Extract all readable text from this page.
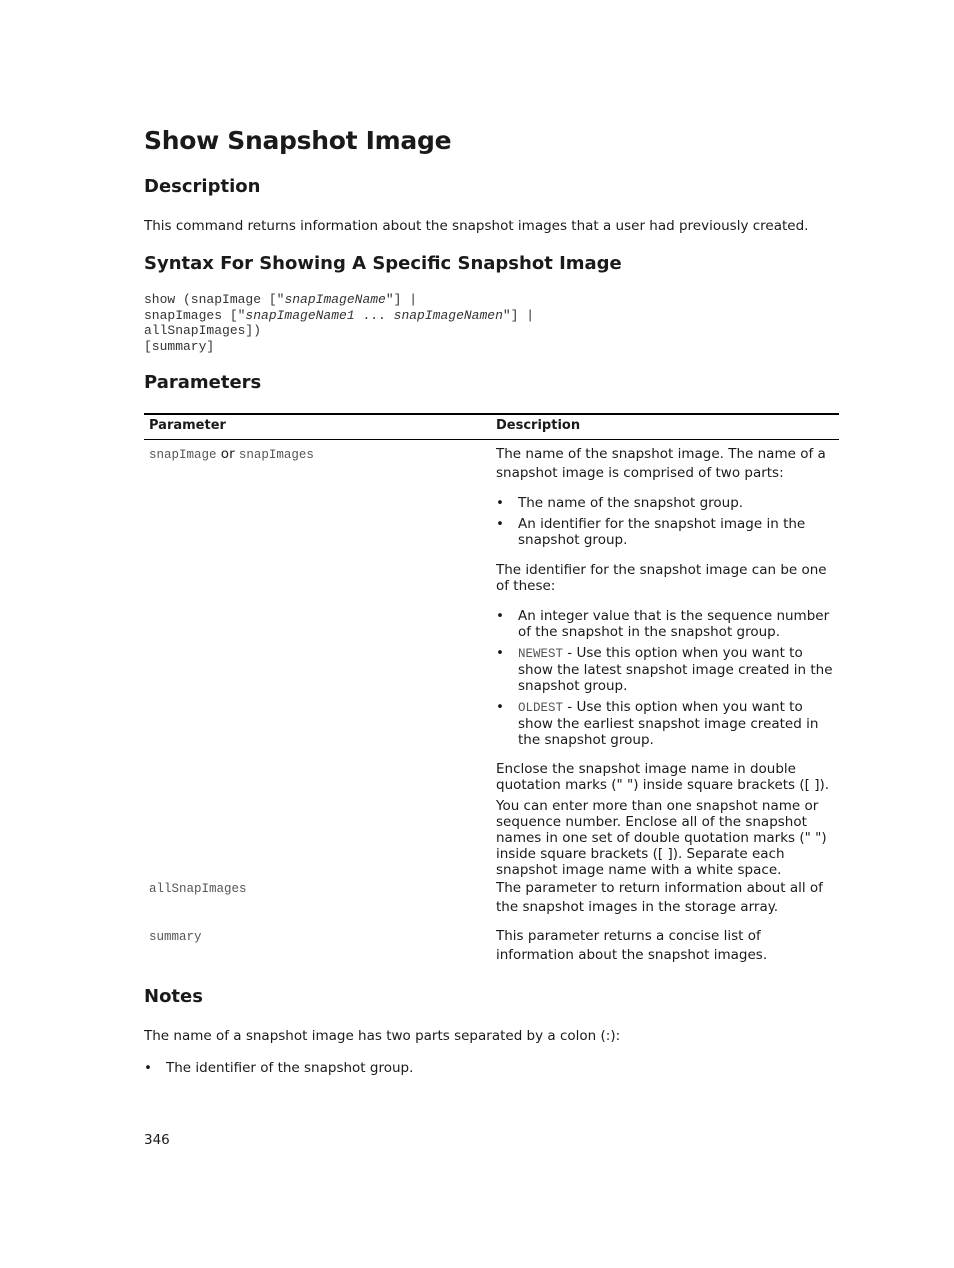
Show Snapshot Image
Description

This command returns information about the snapshot images that a user had previously created.

Syntax For Showing A Specific Snapshot Image
show (snapImage ["snapImageName"] |
snapImages ["snapImageName1 ... snapImageNamen"] |
allSnapImages])
[summary]
Parameters
Parameter	Description
snapImage or snapImages	The name of the snapshot image. The name of a snapshot image is comprised of two parts:

• The name of the snapshot group.
• An identifier for the snapshot image in the snapshot group.

The identifier for the snapshot image can be one of these:

• An integer value that is the sequence number of the snapshot in the snapshot group.
• NEWEST - Use this option when you want to show the latest snapshot image created in the snapshot group.
• OLDEST - Use this option when you want to show the earliest snapshot image created in the snapshot group.

Enclose the snapshot image name in double quotation marks (" ") inside square brackets ([ ]).

You can enter more than one snapshot name or sequence number. Enclose all of the snapshot names in one set of double quotation marks (" ") inside square brackets ([ ]). Separate each snapshot image name with a white space.

allSnapImages	The parameter to return information about all of the snapshot images in the storage array.
summary	This parameter returns a concise list of information about the snapshot images.
Notes

The name of a snapshot image has two parts separated by a colon (:):

• The identifier of the snapshot group.
346
